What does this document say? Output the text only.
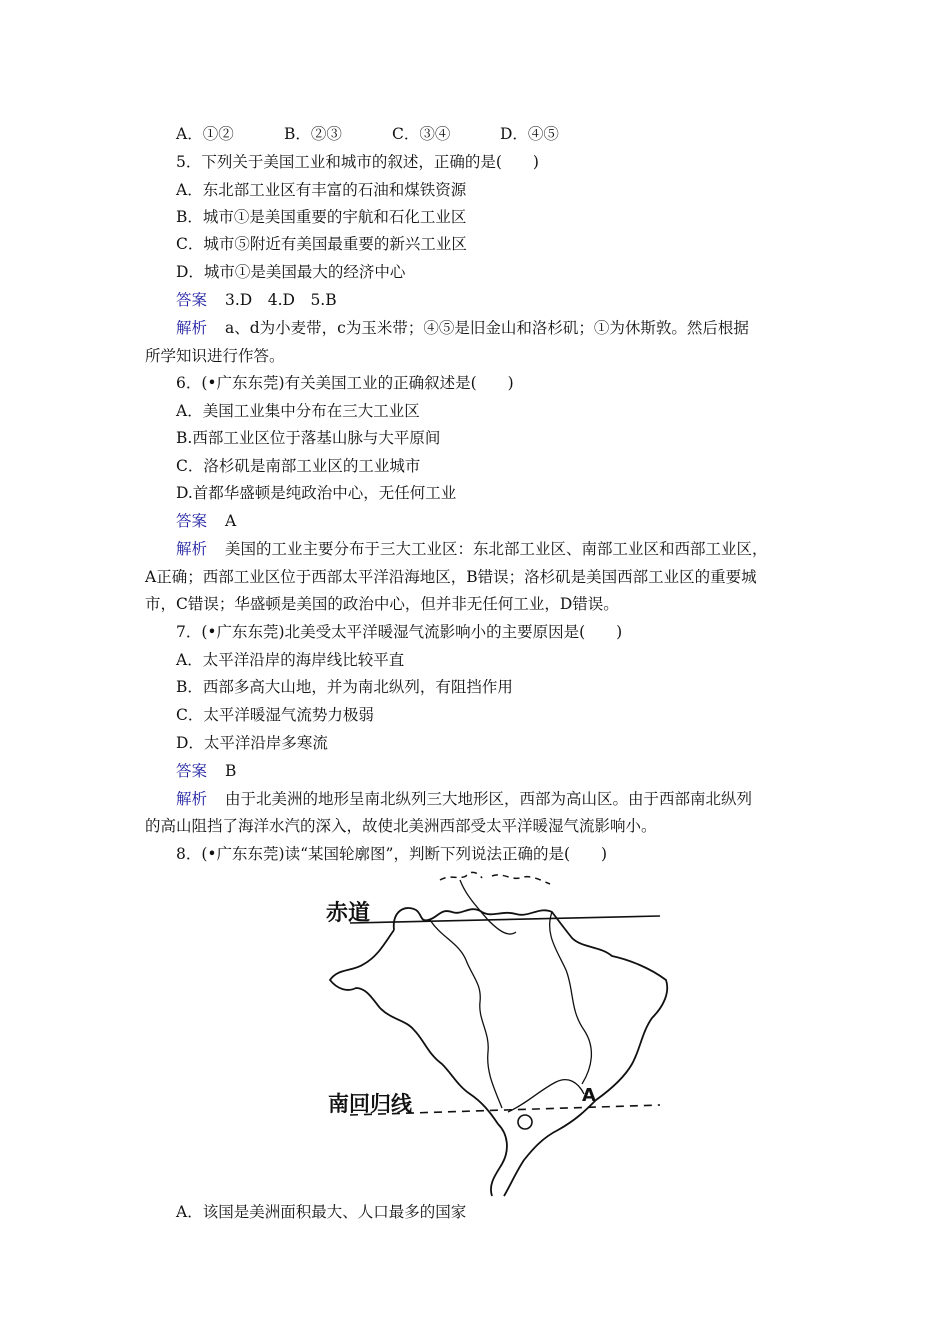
A．①②	B．②③	C．③④	D．④⑤
5．下列关于美国工业和城市的叙述，正确的是(　　)
A．东北部工业区有丰富的石油和煤铁资源
B．城市①是美国重要的宇航和石化工业区
C．城市⑤附近有美国最重要的新兴工业区
D．城市①是美国最大的经济中心
答案 3.D　4.D　5.B
解析 a、d为小麦带，c为玉米带；④⑤是旧金山和洛杉矶；①为休斯敦。然后根据
所学知识进行作答。
6．(•广东东莞)有关美国工业的正确叙述是(　　)
A．美国工业集中分布在三大工业区
B.西部工业区位于落基山脉与大平原间
C．洛杉矶是南部工业区的工业城市
D.首都华盛顿是纯政治中心，无任何工业
答案 A
解析 美国的工业主要分布于三大工业区：东北部工业区、南部工业区和西部工业区，
A正确；西部工业区位于西部太平洋沿海地区，B错误；洛杉矶是美国西部工业区的重要城
市，C错误；华盛顿是美国的政治中心，但并非无任何工业，D错误。
7．(•广东东莞)北美受太平洋暖湿气流影响小的主要原因是(　　)
A．太平洋沿岸的海岸线比较平直
B．西部多高大山地，并为南北纵列，有阻挡作用
C．太平洋暖湿气流势力极弱
D．太平洋沿岸多寒流
答案 B
解析 由于北美洲的地形呈南北纵列三大地形区，西部为高山区。由于西部南北纵列
的高山阻挡了海洋水汽的深入，故使北美洲西部受太平洋暖湿气流影响小。
8．(•广东东莞)读“某国轮廓图”，判断下列说法正确的是(　　)
赤道
南回归线	A
A．该国是美洲面积最大、人口最多的国家
